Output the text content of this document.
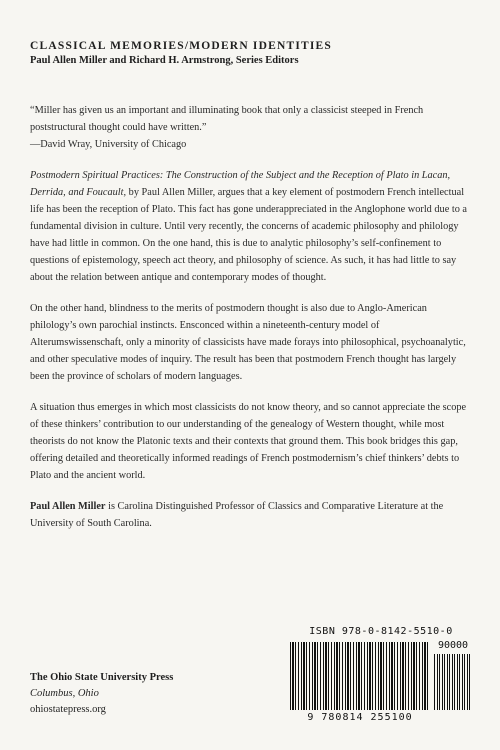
CLASSICAL MEMORIES/MODERN IDENTITIES
Paul Allen Miller and Richard H. Armstrong, Series Editors

“Miller has given us an important and illuminating book that only a classicist steeped in French poststructural thought could have written.”
—David Wray, University of Chicago

Postmodern Spiritual Practices: The Construction of the Subject and the Reception of Plato in Lacan, Derrida, and Foucault, by Paul Allen Miller, argues that a key element of postmodern French intellectual life has been the reception of Plato. This fact has gone underappreciated in the Anglophone world due to a fundamental division in culture. Until very recently, the concerns of academic philosophy and philology have had little in common. On the one hand, this is due to analytic philosophy’s self-confinement to questions of epistemology, speech act theory, and philosophy of science. As such, it has had little to say about the relation between antique and contemporary modes of thought.

On the other hand, blindness to the merits of postmodern thought is also due to Anglo-American philology’s own parochial instincts. Ensconced within a nineteenth-century model of Alterumswissenschaft, only a minority of classicists have made forays into philosophical, psychoanalytic, and other speculative modes of inquiry. The result has been that postmodern French thought has largely been the province of scholars of modern languages.

A situation thus emerges in which most classicists do not know theory, and so cannot appreciate the scope of these thinkers’ contribution to our understanding of the genealogy of Western thought, while most theorists do not know the Platonic texts and their contexts that ground them. This book bridges this gap, offering detailed and theoretically informed readings of French postmodernism’s chief thinkers’ debts to Plato and the ancient world.

Paul Allen Miller is Carolina Distinguished Professor of Classics and Comparative Literature at the University of South Carolina.

The Ohio State University Press
Columbus, Ohio
ohiostatepress.org
ISBN 978-0-8142-5510-0
90000
9 780814 255100
